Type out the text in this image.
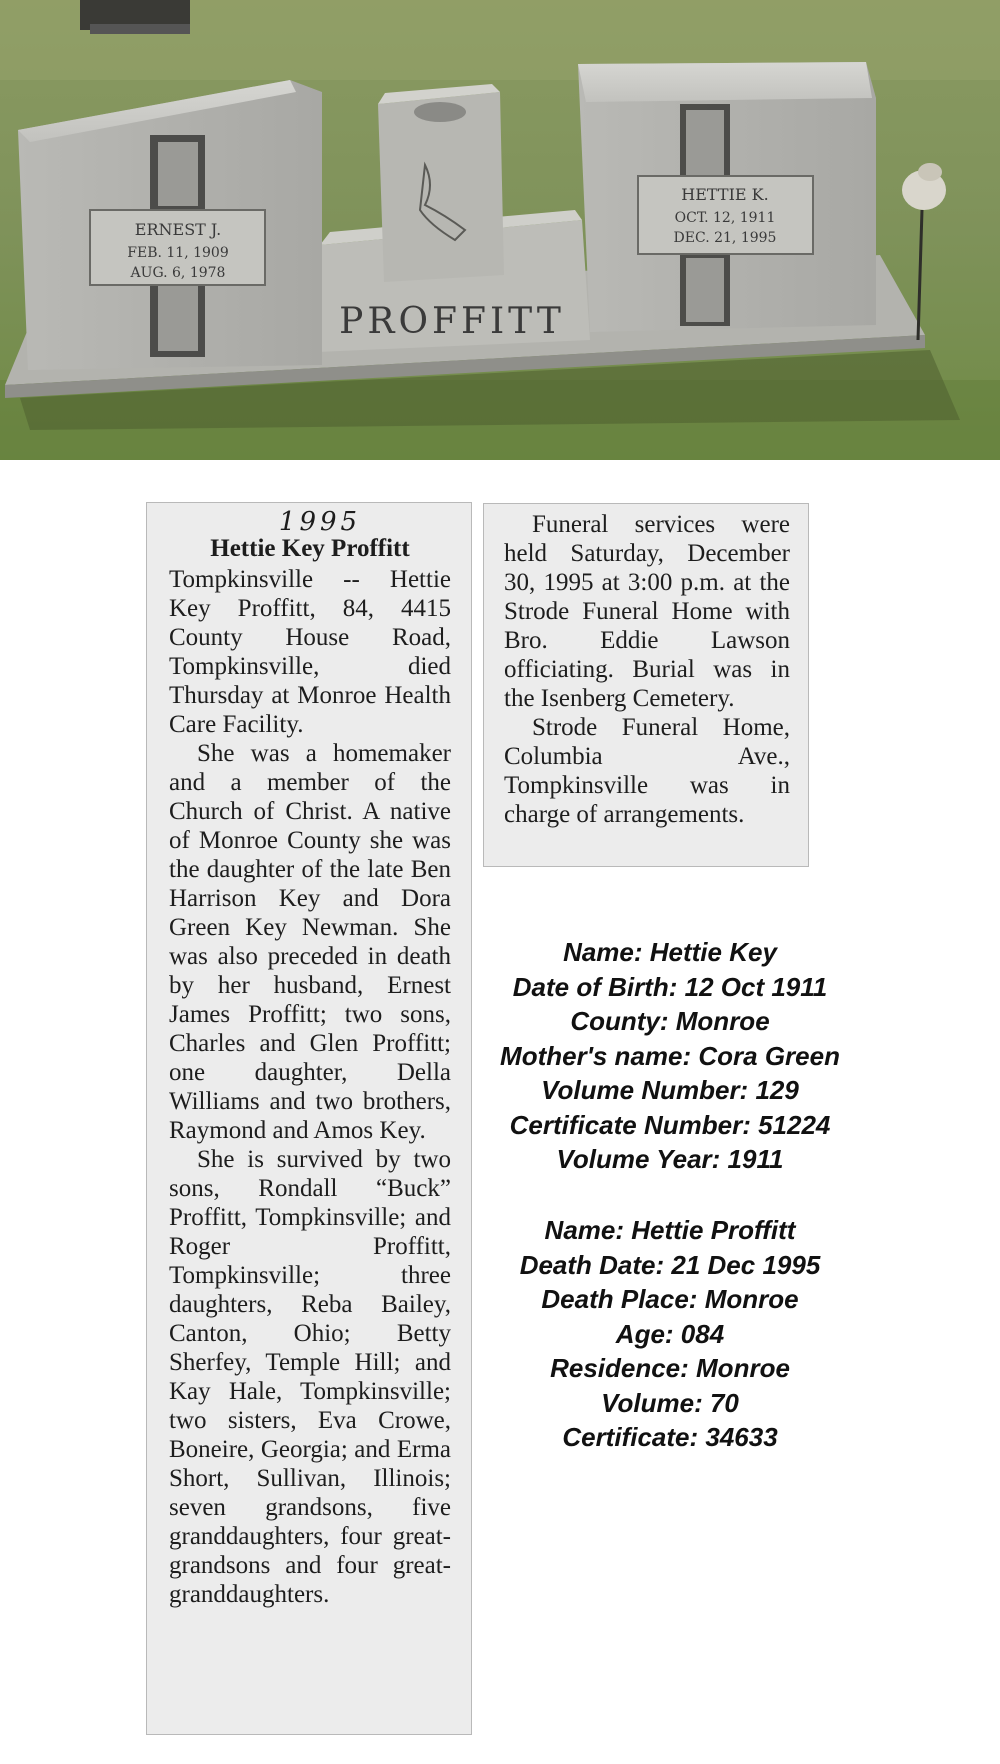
PROFFITT
ERNEST J.
FEB. 11, 1909
AUG. 6, 1978
HETTIE K.
OCT. 12, 1911
DEC. 21, 1995
1995
Hettie Key Proffitt

Tompkinsville -- Hettie Key Proffitt, 84, 4415 County House Road, Tompkinsville, died Thursday at Monroe Health Care Facility.

She was a homemaker and a member of the Church of Christ. A native of Monroe County she was the daughter of the late Ben Harrison Key and Dora Green Key Newman. She was also preceded in death by her husband, Ernest James Proffitt; two sons, Charles and Glen Proffitt; one daughter, Della Williams and two brothers, Raymond and Amos Key.

She is survived by two sons, Rondall “Buck” Proffitt, Tompkinsville; and Roger Proffitt, Tompkinsville; three daughters, Reba Bailey, Canton, Ohio; Betty Sherfey, Temple Hill; and Kay Hale, Tompkinsville; two sisters, Eva Crowe, Boneire, Georgia; and Erma Short, Sullivan, Illinois; seven grandsons, five granddaughters, four great-grandsons and four great-granddaughters.

Funeral services were held Saturday, December 30, 1995 at 3:00 p.m. at the Strode Funeral Home with Bro. Eddie Lawson officiating. Burial was in the Isenberg Cemetery.

Strode Funeral Home, Columbia Ave., Tompkinsville was in charge of arrangements.

Name: Hettie Key
Date of Birth: 12 Oct 1911
County: Monroe
Mother's name: Cora Green
Volume Number: 129
Certificate Number: 51224
Volume Year: 1911
Name: Hettie Proffitt
Death Date: 21 Dec 1995
Death Place: Monroe
Age: 084
Residence: Monroe
Volume: 70
Certificate: 34633
